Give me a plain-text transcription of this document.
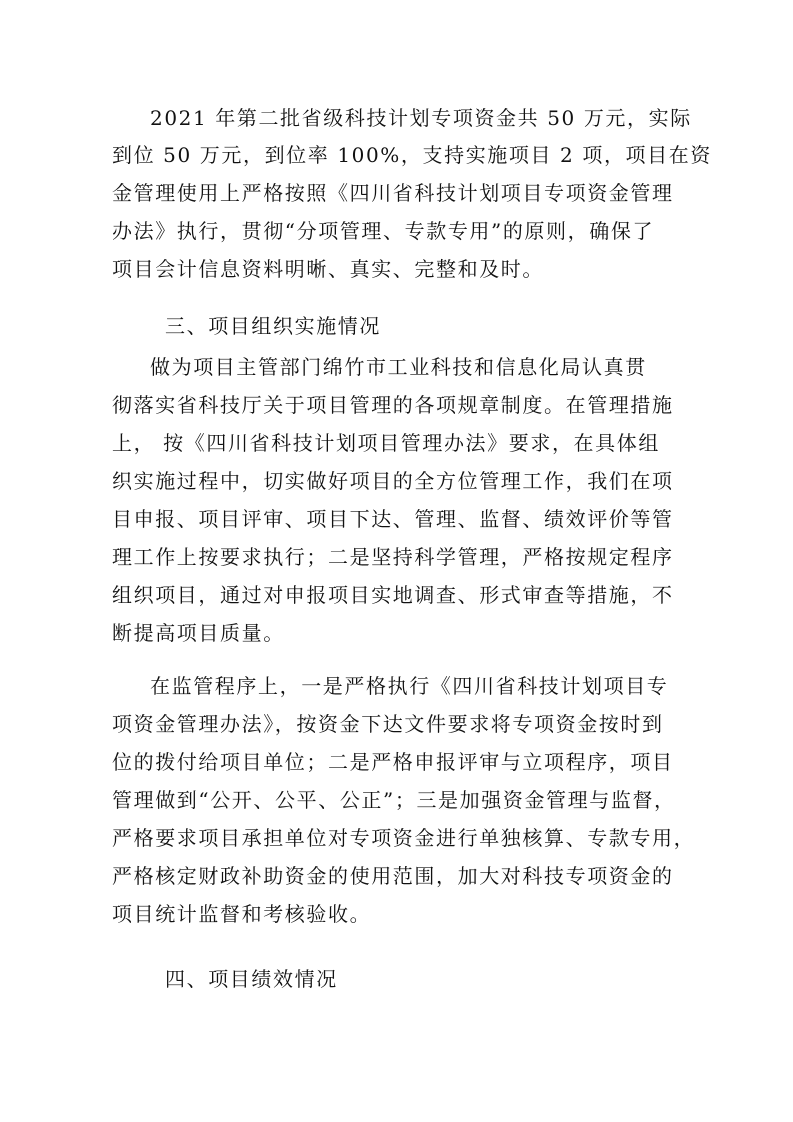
2021 年第二批省级科技计划专项资金共 50 万元，实际
到位 50 万元，到位率 100%，支持实施项目 2 项，项目在资
金管理使用上严格按照《四川省科技计划项目专项资金管理
办法》执行，贯彻“分项管理、专款专用”的原则，确保了
项目会计信息资料明晰、真实、完整和及时。
三、项目组织实施情况
做为项目主管部门绵竹市工业科技和信息化局认真贯
彻落实省科技厅关于项目管理的各项规章制度。在管理措施
上， 按《四川省科技计划项目管理办法》要求，在具体组
织实施过程中，切实做好项目的全方位管理工作，我们在项
目申报、项目评审、项目下达、管理、监督、绩效评价等管
理工作上按要求执行；二是坚持科学管理，严格按规定程序
组织项目，通过对申报项目实地调查、形式审查等措施，不
断提高项目质量。
在监管程序上，一是严格执行《四川省科技计划项目专
项资金管理办法》，按资金下达文件要求将专项资金按时到
位的拨付给项目单位；二是严格申报评审与立项程序，项目
管理做到“公开、公平、公正”；三是加强资金管理与监督，
严格要求项目承担单位对专项资金进行单独核算、专款专用，
严格核定财政补助资金的使用范围，加大对科技专项资金的
项目统计监督和考核验收。
四、项目绩效情况
